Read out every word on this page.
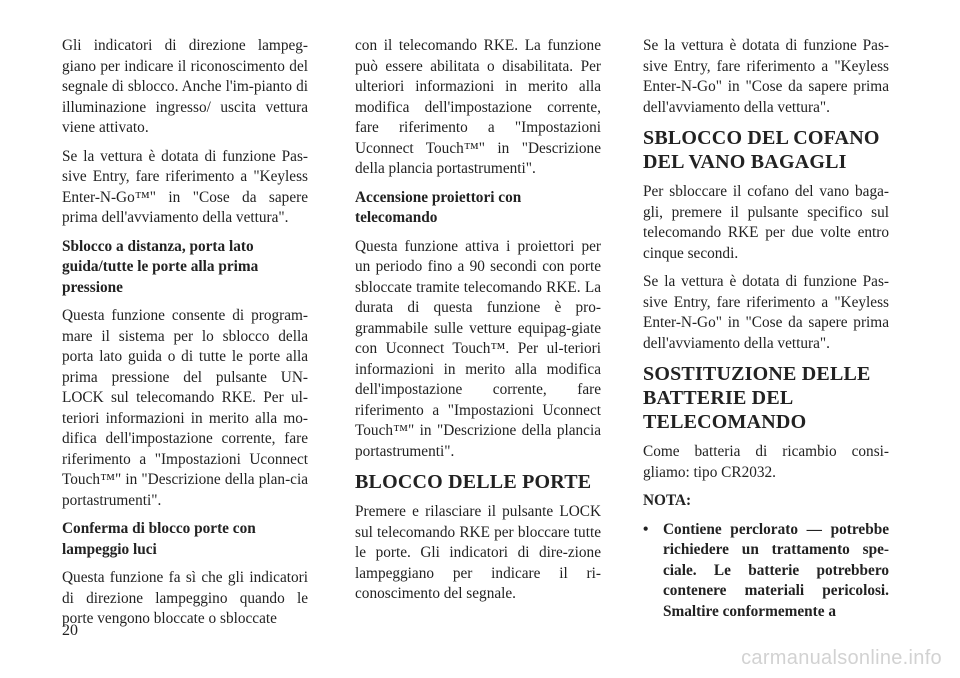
Gli indicatori di direzione lampeg-giano per indicare il riconoscimento del segnale di sblocco. Anche l'im-pianto di illuminazione ingresso/ uscita vettura viene attivato.

Se la vettura è dotata di funzione Pas-sive Entry, fare riferimento a "Keyless Enter-N-Go™" in "Cose da sapere prima dell'avviamento della vettura".

Sblocco a distanza, porta lato guida/tutte le porte alla prima pressione

Questa funzione consente di program-mare il sistema per lo sblocco della porta lato guida o di tutte le porte alla prima pressione del pulsante UN-LOCK sul telecomando RKE. Per ul-teriori informazioni in merito alla mo-difica dell'impostazione corrente, fare riferimento a "Impostazioni Uconnect Touch™" in "Descrizione della plan-cia portastrumenti".

Conferma di blocco porte con lampeggio luci

Questa funzione fa sì che gli indicatori di direzione lampeggino quando le porte vengono bloccate o sbloccate

con il telecomando RKE. La funzione può essere abilitata o disabilitata. Per ulteriori informazioni in merito alla modifica dell'impostazione corrente, fare riferimento a "Impostazioni Uconnect Touch™" in "Descrizione della plancia portastrumenti".

Accensione proiettori con telecomando

Questa funzione attiva i proiettori per un periodo fino a 90 secondi con porte sbloccate tramite telecomando RKE. La durata di questa funzione è pro-grammabile sulle vetture equipag-giate con Uconnect Touch™. Per ul-teriori informazioni in merito alla modifica dell'impostazione corrente, fare riferimento a "Impostazioni Uconnect Touch™" in "Descrizione della plancia portastrumenti".

BLOCCO DELLE PORTE

Premere e rilasciare il pulsante LOCK sul telecomando RKE per bloccare tutte le porte. Gli indicatori di dire-zione lampeggiano per indicare il ri-conoscimento del segnale.

Se la vettura è dotata di funzione Pas-sive Entry, fare riferimento a "Keyless Enter-N-Go" in "Cose da sapere prima dell'avviamento della vettura".

SBLOCCO DEL COFANO DEL VANO BAGAGLI

Per sbloccare il cofano del vano baga-gli, premere il pulsante specifico sul telecomando RKE per due volte entro cinque secondi.

Se la vettura è dotata di funzione Pas-sive Entry, fare riferimento a "Keyless Enter-N-Go" in "Cose da sapere prima dell'avviamento della vettura".

SOSTITUZIONE DELLE BATTERIE DEL TELECOMANDO

Come batteria di ricambio consi-gliamo: tipo CR2032.

NOTA:

• Contiene perclorato — potrebbe richiedere un trattamento spe-ciale. Le batterie potrebbero contenere materiali pericolosi. Smaltire conformemente a
20
carmanualsonline.info
